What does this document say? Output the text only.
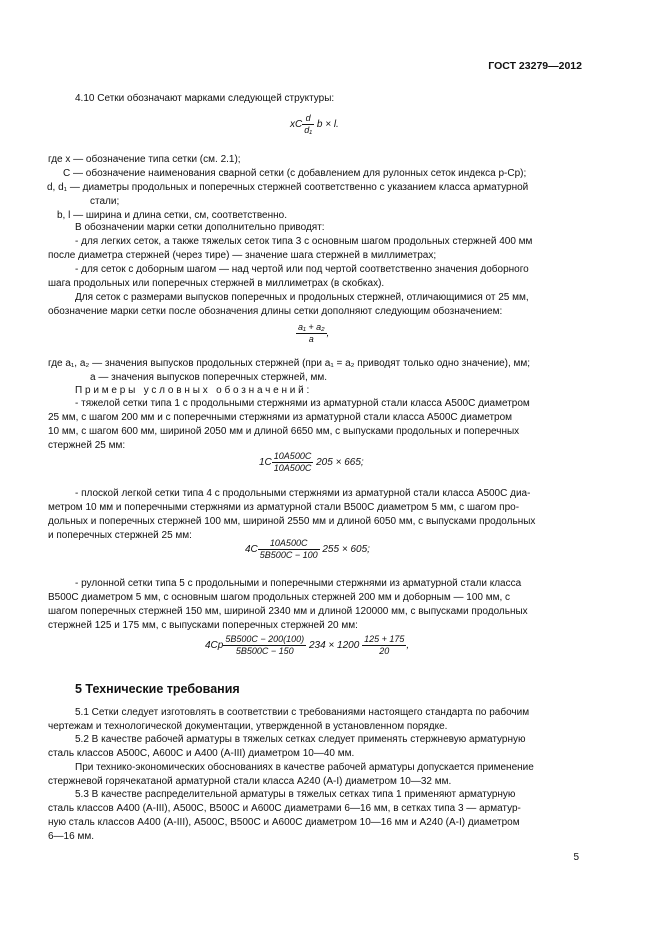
ГОСТ 23279—2012
4.10 Сетки обозначают марками следующей структуры:
xC $\frac{d}{\text{d₁}}$ b × l.
где x — обозначение типа сетки (см. 2.1);
C — обозначение наименования сварной сетки (с добавлением для рулонных сеток индекса р-Ср);
d, d₁ — диаметры продольных и поперечных стержней соответственно с указанием класса арматурной
стали;
b, l — ширина и длина сетки, см, соответственно.
В обозначении марки сетки дополнительно приводят:
- для легких сеток, а также тяжелых сеток типа 3 с основным шагом продольных стержней 400 мм
после диаметра стержней (через тире) — значение шага стержней в миллиметрах;
- для сеток с доборным шагом — над чертой или под чертой соответственно значения доборного
шага продольных или поперечных стержней в миллиметрах (в скобках).
Для сеток с размерами выпусков поперечных и продольных стержней, отличающимися от 25 мм,
обозначение марки сетки после обозначения длины сетки дополняют следующим обозначением:
$\frac{\text{a₁ + a₂}}{a}$ ,
где a₁, a₂ — значения выпусков продольных стержней (при a₁ = a₂ приводят только одно значение), мм;
a — значения выпусков поперечных стержней, мм.
Примеры условных обозначений:
- тяжелой сетки типа 1 с продольными стержнями из арматурной стали класса А500С диаметром
25 мм, с шагом 200 мм и с поперечными стержнями из арматурной стали класса А500С диаметром
10 мм, с шагом 600 мм, шириной 2050 мм и длиной 6650 мм, с выпусками продольных и поперечных
стержней 25 мм:
$1C \frac{10A500C}{10A500C} 205 \times 665$;
- плоской легкой сетки типа 4 с продольными стержнями из арматурной стали класса А500С диа-
метром 10 мм и поперечными стержнями из арматурной стали В500С диаметром 5 мм, с шагом про-
дольных и поперечных стержней 100 мм, шириной 2550 мм и длиной 6050 мм, с выпусками продольных
и поперечных стержней 25 мм:
$4C \frac{10A500C}{5B500C - 100} 255 \times 605$;
- рулонной сетки типа 5 с продольными и поперечными стержнями из арматурной стали класса
В500С диаметром 5 мм, с основным шагом продольных стержней 200 мм и доборным — 100 мм, с
шагом поперечных стержней 150 мм, шириной 2340 мм и длиной 120000 мм, с выпусками продольных
стержней 125 и 175 мм, с выпусками поперечных стержней 20 мм:
$4Cp \frac{5B500C - 200(100)}{5B500C - 150} 234 \times 1200 \frac{125 + 175}{20}$ ,
5 Технические требования
5.1 Сетки следует изготовлять в соответствии с требованиями настоящего стандарта по рабочим
чертежам и технологической документации, утвержденной в установленном порядке.
5.2 В качестве рабочей арматуры в тяжелых сетках следует применять стержневую арматурную
сталь классов А500С, А600С и А400 (А-III) диаметром 10—40 мм.
При технико-экономических обоснованиях в качестве рабочей арматуры допускается применение
стержневой горячекатаной арматурной стали класса А240 (А-I) диаметром 10—32 мм.
5.3 В качестве распределительной арматуры в тяжелых сетках типа 1 применяют арматурную
сталь классов А400 (А-III), А500С, В500С и А600С диаметрами 6—16 мм, в сетках типа 3 — арматур-
ную сталь классов А400 (А-III), А500С, В500С и А600С диаметром 10—16 мм и А240 (А-I) диаметром
6—16 мм.
5
